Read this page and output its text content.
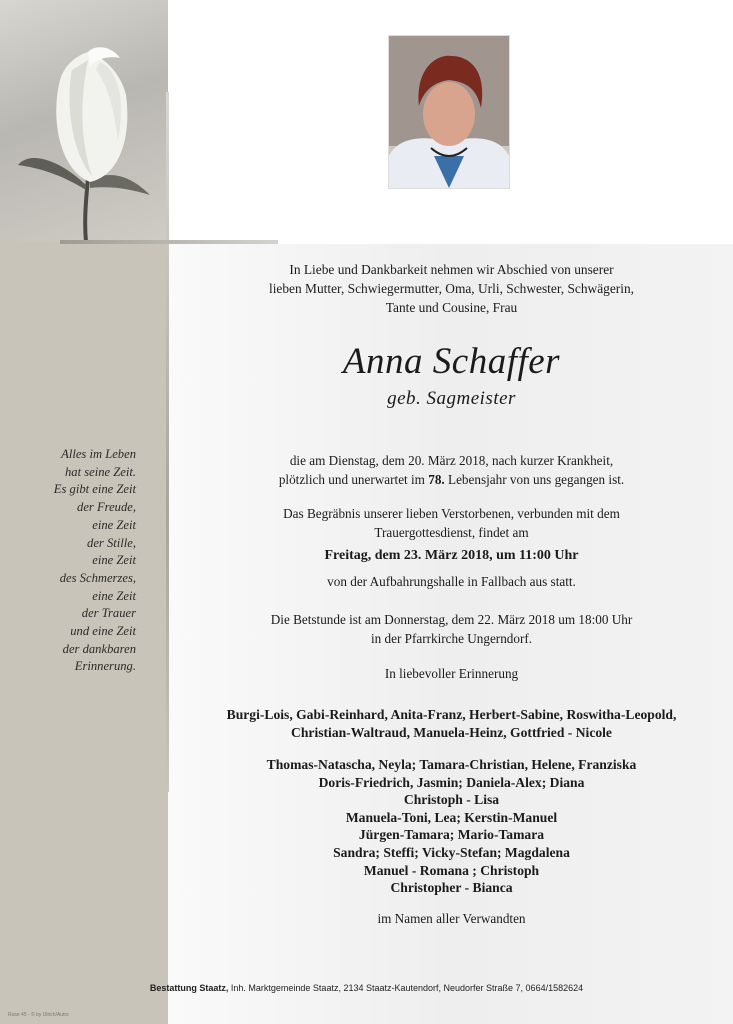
Alles im Leben
hat seine Zeit.
Es gibt eine Zeit
der Freude,
eine Zeit
der Stille,
eine Zeit
des Schmerzes,
eine Zeit
der Trauer
und eine Zeit
der dankbaren
Erinnerung.
In Liebe und Dankbarkeit nehmen wir Abschied von unserer
lieben Mutter, Schwiegermutter, Oma, Urli, Schwester, Schwägerin,
Tante und Cousine, Frau
Anna Schaffer
geb. Sagmeister
die am Dienstag, dem 20. März 2018, nach kurzer Krankheit,
plötzlich und unerwartet im 78. Lebensjahr von uns gegangen ist.
Das Begräbnis unserer lieben Verstorbenen, verbunden mit dem
Trauergottesdienst, findet am
Freitag, dem 23. März 2018, um 11:00 Uhr
von der Aufbahrungshalle in Fallbach aus statt.
Die Betstunde ist am Donnerstag, dem 22. März 2018 um 18:00 Uhr
in der Pfarrkirche Ungerndorf.
In liebevoller Erinnerung
Burgi-Lois, Gabi-Reinhard, Anita-Franz, Herbert-Sabine, Roswitha-Leopold,
Christian-Waltraud, Manuela-Heinz, Gottfried - Nicole
Thomas-Natascha, Neyla; Tamara-Christian, Helene, Franziska
Doris-Friedrich, Jasmin; Daniela-Alex; Diana
Christoph - Lisa
Manuela-Toni, Lea; Kerstin-Manuel
Jürgen-Tamara; Mario-Tamara
Sandra; Steffi; Vicky-Stefan; Magdalena
Manuel - Romana ; Christoph
Christopher - Bianca
im Namen aller Verwandten
Bestattung Staatz, Inh. Marktgemeinde Staatz, 2134 Staatz-Kautendorf, Neudorfer Straße 7, 0664/1582624
Rose 45 - © by Ulrich/Autrs
